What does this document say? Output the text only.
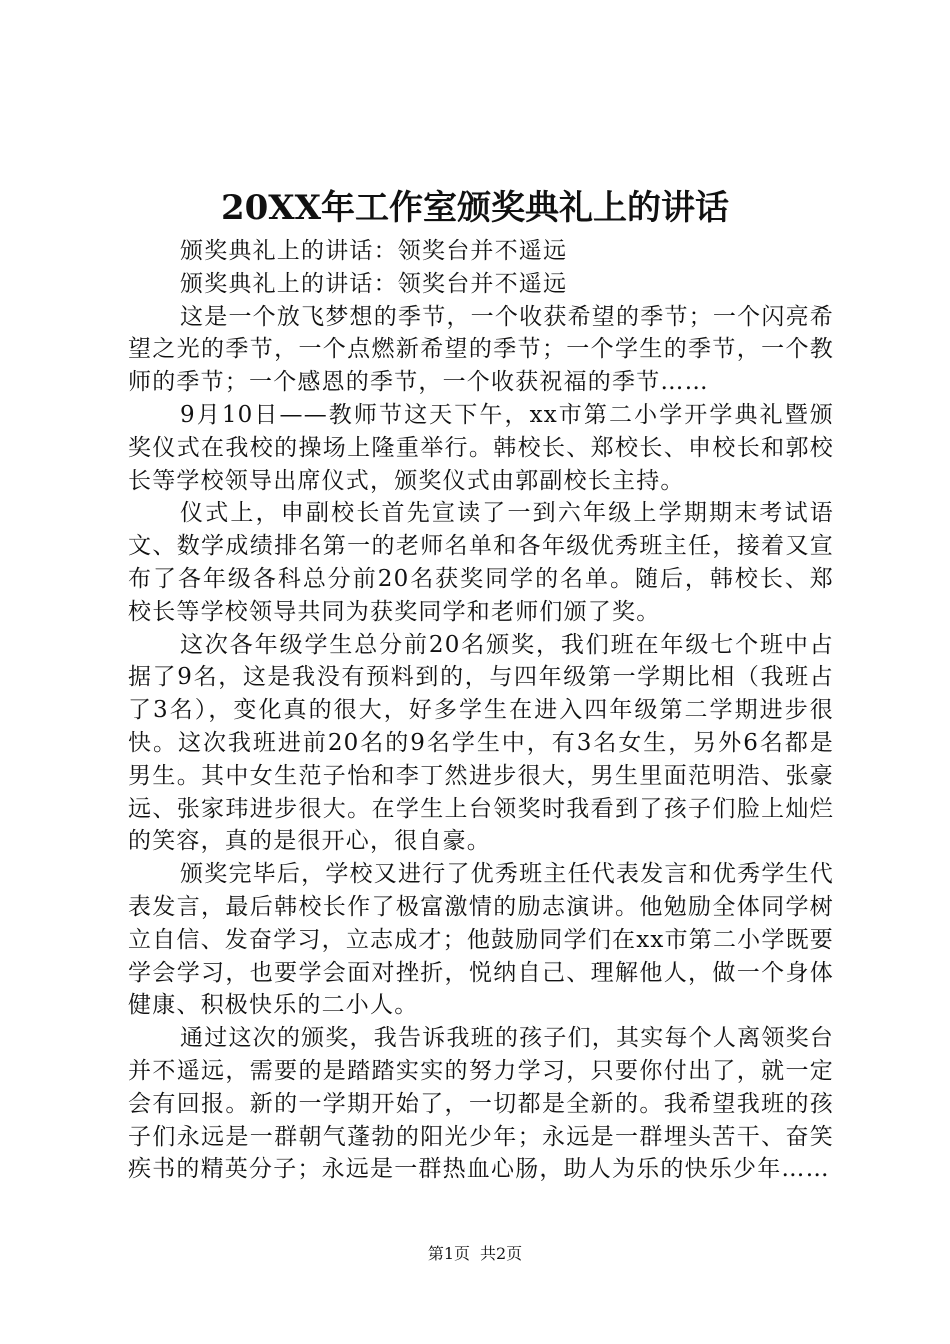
20XX年工作室颁奖典礼上的讲话

颁奖典礼上的讲话：领奖台并不遥远

颁奖典礼上的讲话：领奖台并不遥远

这是一个放飞梦想的季节，一个收获希望的季节；一个闪亮希望之光的季节，一个点燃新希望的季节；一个学生的季节，一个教师的季节；一个感恩的季节，一个收获祝福的季节……

9月10日——教师节这天下午，xx市第二小学开学典礼暨颁奖仪式在我校的操场上隆重举行。韩校长、郑校长、申校长和郭校长等学校领导出席仪式，颁奖仪式由郭副校长主持。

仪式上，申副校长首先宣读了一到六年级上学期期末考试语文、数学成绩排名第一的老师名单和各年级优秀班主任，接着又宣布了各年级各科总分前20名获奖同学的名单。随后，韩校长、郑校长等学校领导共同为获奖同学和老师们颁了奖。

这次各年级学生总分前20名颁奖，我们班在年级七个班中占据了9名，这是我没有预料到的，与四年级第一学期比相（我班占了3名），变化真的很大，好多学生在进入四年级第二学期进步很快。这次我班进前20名的9名学生中，有3名女生，另外6名都是男生。其中女生范子怡和李丁然进步很大，男生里面范明浩、张豪远、张家玮进步很大。在学生上台领奖时我看到了孩子们脸上灿烂的笑容，真的是很开心，很自豪。

颁奖完毕后，学校又进行了优秀班主任代表发言和优秀学生代表发言，最后韩校长作了极富激情的励志演讲。他勉励全体同学树立自信、发奋学习，立志成才；他鼓励同学们在xx市第二小学既要学会学习，也要学会面对挫折，悦纳自己、理解他人，做一个身体健康、积极快乐的二小人。

通过这次的颁奖，我告诉我班的孩子们，其实每个人离领奖台并不遥远，需要的是踏踏实实的努力学习，只要你付出了，就一定会有回报。新的一学期开始了，一切都是全新的。我希望我班的孩子们永远是一群朝气蓬勃的阳光少年；永远是一群埋头苦干、奋笑疾书的精英分子；永远是一群热血心肠，助人为乐的快乐少年……

第1页 共2页
